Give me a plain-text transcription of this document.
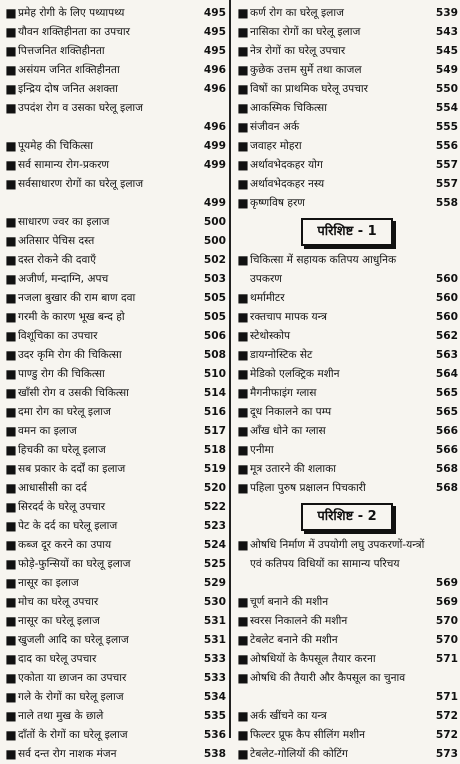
■ प्रमेह रोगी के लिए पथ्यापथ्य	495
■ यौवन शक्तिहीनता का उपचार	495
■ पित्तजनित शक्तिहीनता	495
■ असंयम जनित शक्तिहीनता	496
■ इन्द्रिय दोष जनित अशक्ता	496
■ उपदंश रोग व उसका घरेलू इलाज
496
■ पूयमेह की चिकित्सा	499
■ सर्व सामान्य रोग-प्रकरण	499
■ सर्वसाधारण रोगों का घरेलू इलाज
499
■ साधारण ज्वर का इलाज	500
■ अतिसार पेचिस दस्त	500
■ दस्त रोकने की दवाएँ	502
■ अजीर्ण, मन्दाग्नि, अपच	503
■ नजला बुखार की राम बाण दवा	505
■ गरमी के कारण भूख बन्द हो	505
■ विशूचिका का उपचार	506
■ उदर कृमि रोग की चिकित्सा	508
■ पाण्डु रोग की चिकित्सा	510
■ खाँसी रोग व उसकी चिकित्सा	514
■ दमा रोग का घरेलू इलाज	516
■ वमन का इलाज	517
■ हिचकी का घरेलू इलाज	518
■ सब प्रकार के दर्दों का इलाज	519
■ आधासीसी का दर्द	520
■ सिरदर्द के घरेलू उपचार	522
■ पेट के दर्द का घरेलू इलाज	523
■ कब्ज दूर करने का उपाय	524
■ फोड़े-फुन्सियों का घरेलू इलाज	525
■ नासूर का इलाज	529
■ मोच का घरेलू उपचार	530
■ नासूर का घरेलू इलाज	531
■ खुजली आदि का घरेलू इलाज	531
■ दाद का घरेलू उपचार	533
■ एकोता या छाजन का उपचार	533
■ गले के रोगों का घरेलू इलाज	534
■ नाले तथा मुख के छाले	535
■ दाँतों के रोगों का घरेलू इलाज	536
■ सर्व दन्त रोग नाशक मंजन	538
■ कर्ण रोग का घरेलू इलाज	539
■ नासिका रोगों का घरेलू इलाज	543
■ नेत्र रोगों का घरेलू उपचार	545
■ कुछेक उत्तम सुर्मे तथा काजल	549
■ विषों का प्राथमिक घरेलू उपचार	550
■ आकस्मिक चिकित्सा	554
■ संजीवन अर्क	555
■ जवाहर मोहरा	556
■ अर्थावभेदकहर योग	557
■ अर्थावभेदकहर नस्य	557
■ कृष्णविष हरण	558
परिशिष्ट - 1
■ चिकित्सा में सहायक कतिपय आधुनिक उपकरण	560
■ थर्मामीटर	560
■ रक्तचाप मापक यन्त्र	560
■ स्टेथोस्कोप	562
■ डायग्नोस्टिक सेट	563
■ मेडिको एलक्ट्रिक मशीन	564
■ मैगनीफाइंग ग्लास	565
■ दूध निकालने का पम्प	565
■ आँख धोने का ग्लास	566
■ एनीमा	566
■ मूत्र उतारने की शलाका	568
■ पहिला पुरुष प्रक्षालन पिचकारी	568
परिशिष्ट - 2
■ ओषधि निर्माण में उपयोगी लघु उपकरणों-यन्त्रों एवं कतिपय विधियों का सामान्य परिचय
569
■ चूर्ण बनाने की मशीन	569
■ स्वरस निकालने की मशीन	570
■ टेबलेट बनाने की मशीन	570
■ ओषधियों के कैपसूल तैयार करना	571
■ ओषधि की तैयारी और कैपसूल का चुनाव
571
■ अर्क खींचने का यन्त्र	572
■ फिल्टर प्रूफ कैप सीलिंग मशीन	572
■ टेबलेट-गोलियों की कोटिंग	573
